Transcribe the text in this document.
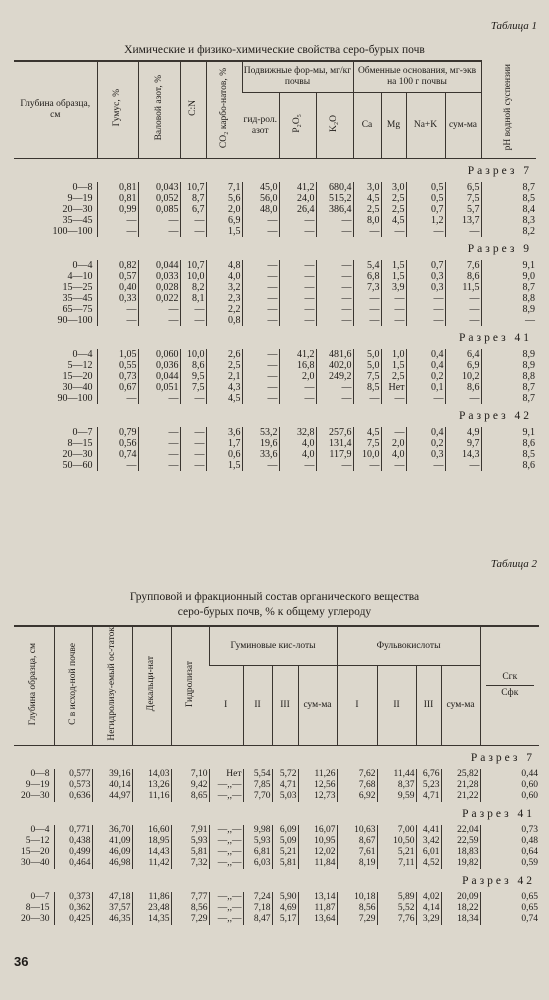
Таблица 1
Химические и физико-химические свойства серо-бурых почв
Глубина образца, см	Гумус, %	Валовой азот, %	C:N	CO₂ карбо-натов, %	Подвижные фор-мы, мг/кг почвы			Обменные основания, мг-экв на 100 г почвы				pH водной суспензии
					гид-рол. азот	P₂O₅	K₂O	Ca	Mg	Na+K	сум-ма	
Разрез 7												
0—8	0,81	0,043	10,7	7,1	45,0	41,2	680,4	3,0	3,0	0,5	6,5	8,7
9—19	0,81	0,052	8,7	5,6	56,0	24,0	515,2	4,5	2,5	0,5	7,5	8,5
20—30	0,99	0,085	6,7	2,0	48,0	26,4	386,4	2,5	2,5	0,7	5,7	8,4
35—45	—	—	—	6,9	—	—	—	8,0	4,5	1,2	13,7	8,3
100—100	—	—	—	1,5	—	—	—	—	—	—	—	8,2
Разрез 9												
0—4	0,82	0,044	10,7	4,8	—	—	—	5,4	1,5	0,7	7,6	9,1
4—10	0,57	0,033	10,0	4,0	—	—	—	6,8	1,5	0,3	8,6	9,0
15—25	0,40	0,028	8,2	3,2	—	—	—	7,3	3,9	0,3	11,5	8,7
35—45	0,33	0,022	8,1	2,3	—	—	—	—	—	—	—	8,8
65—75	—	—	—	2,2	—	—	—	—	—	—	—	8,9
90—100	—	—	—	0,8	—	—	—	—	—	—	—	—
Разрез 41												
0—4	1,05	0,060	10,0	2,6	—	41,2	481,6	5,0	1,0	0,4	6,4	8,9
5—12	0,55	0,036	8,6	2,5	—	16,8	402,0	5,0	1,5	0,4	6,9	8,9
15—20	0,73	0,044	9,5	2,1	—	2,0	249,2	7,5	2,5	0,2	10,2	8,8
30—40	0,67	0,051	7,5	4,3	—	—	—	8,5	Нет	0,1	8,6	8,7
90—100	—	—	—	4,5	—	—	—	—	—	—	—	8,7
Разрез 42												
0—7	0,79	—	—	3,6	53,2	32,8	257,6	4,5	—	0,4	4,9	9,1
8—15	0,56	—	—	1,7	19,6	4,0	131,4	7,5	2,0	0,2	9,7	8,6
20—30	0,74	—	—	0,6	33,6	4,0	117,9	10,0	4,0	0,3	14,3	8,5
50—60	—	—	—	1,5	—	—	—	—	—	—	—	8,6
Таблица 2
Групповой и фракционный состав органического вещества
серо-бурых почв, % к общему углероду
Глубина образца, см	C в исход-ной почве	Негидролизу-емый ос-таток	Декальци-нат	Гидролизат	Гуминовые кис-лоты				Фульвокислоты				Cгк
Cфк

					I	II	III	сум-ма	I	II	III	сум-ма	
Разрез 7													
0—8	0,577	39,16	14,03	7,10	Нет	5,54	5,72	11,26	7,62	11,44	6,76	25,82	0,44
9—19	0,573	40,14	13,26	9,42	—,,—	7,85	4,71	12,56	7,68	8,37	5,23	21,28	0,60
20—30	0,636	44,97	11,16	8,65	—,,—	7,70	5,03	12,73	6,92	9,59	4,71	21,22	0,60
Разрез 41													
0—4	0,771	36,70	16,60	7,91	—,,—	9,98	6,09	16,07	10,63	7,00	4,41	22,04	0,73
5—12	0,438	41,09	18,95	5,93	—,,—	5,93	5,09	10,95	8,67	10,50	3,42	22,59	0,48
15—20	0,499	46,09	14,43	5,81	—,,—	6,81	5,21	12,02	7,61	5,21	6,01	18,83	0,64
30—40	0,464	46,98	11,42	7,32	—,,—	6,03	5,81	11,84	8,19	7,11	4,52	19,82	0,59
Разрез 42													
0—7	0,373	47,18	11,86	7,77	—,,—	7,24	5,90	13,14	10,18	5,89	4,02	20,09	0,65
8—15	0,362	37,57	23,48	8,56	—,,—	7,18	4,69	11,87	8,56	5,52	4,14	18,22	0,65
20—30	0,425	46,35	14,35	7,29	—,,—	8,47	5,17	13,64	7,29	7,76	3,29	18,34	0,74
36
